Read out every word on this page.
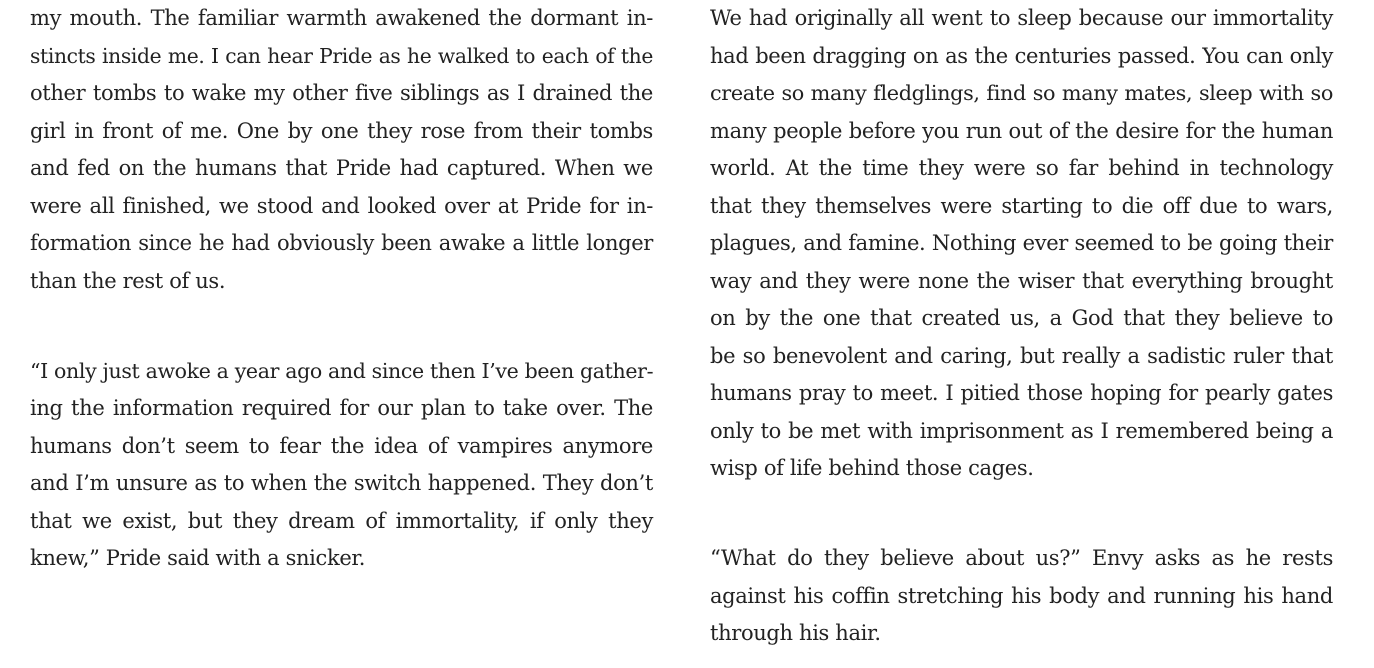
my mouth. The familiar warmth awakened the dormant in-
stincts inside me. I can hear Pride as he walked to each of the
other tombs to wake my other five siblings as I drained the
girl in front of me. One by one they rose from their tombs
and fed on the humans that Pride had captured. When we
were all finished, we stood and looked over at Pride for in-
formation since he had obviously been awake a little longer
than the rest of us.
“I only just awoke a year ago and since then I’ve been gather-
ing the information required for our plan to take over. The
humans don’t seem to fear the idea of vampires anymore
and I’m unsure as to when the switch happened. They don’t
that we exist, but they dream of immortality, if only they
knew,” Pride said with a snicker.
We had originally all went to sleep because our immortality
had been dragging on as the centuries passed. You can only
create so many fledglings, find so many mates, sleep with so
many people before you run out of the desire for the human
world. At the time they were so far behind in technology
that they themselves were starting to die off due to wars,
plagues, and famine. Nothing ever seemed to be going their
way and they were none the wiser that everything brought
on by the one that created us, a God that they believe to
be so benevolent and caring, but really a sadistic ruler that
humans pray to meet. I pitied those hoping for pearly gates
only to be met with imprisonment as I remembered being a
wisp of life behind those cages.
“What do they believe about us?” Envy asks as he rests
against his coffin stretching his body and running his hand
through his hair.
